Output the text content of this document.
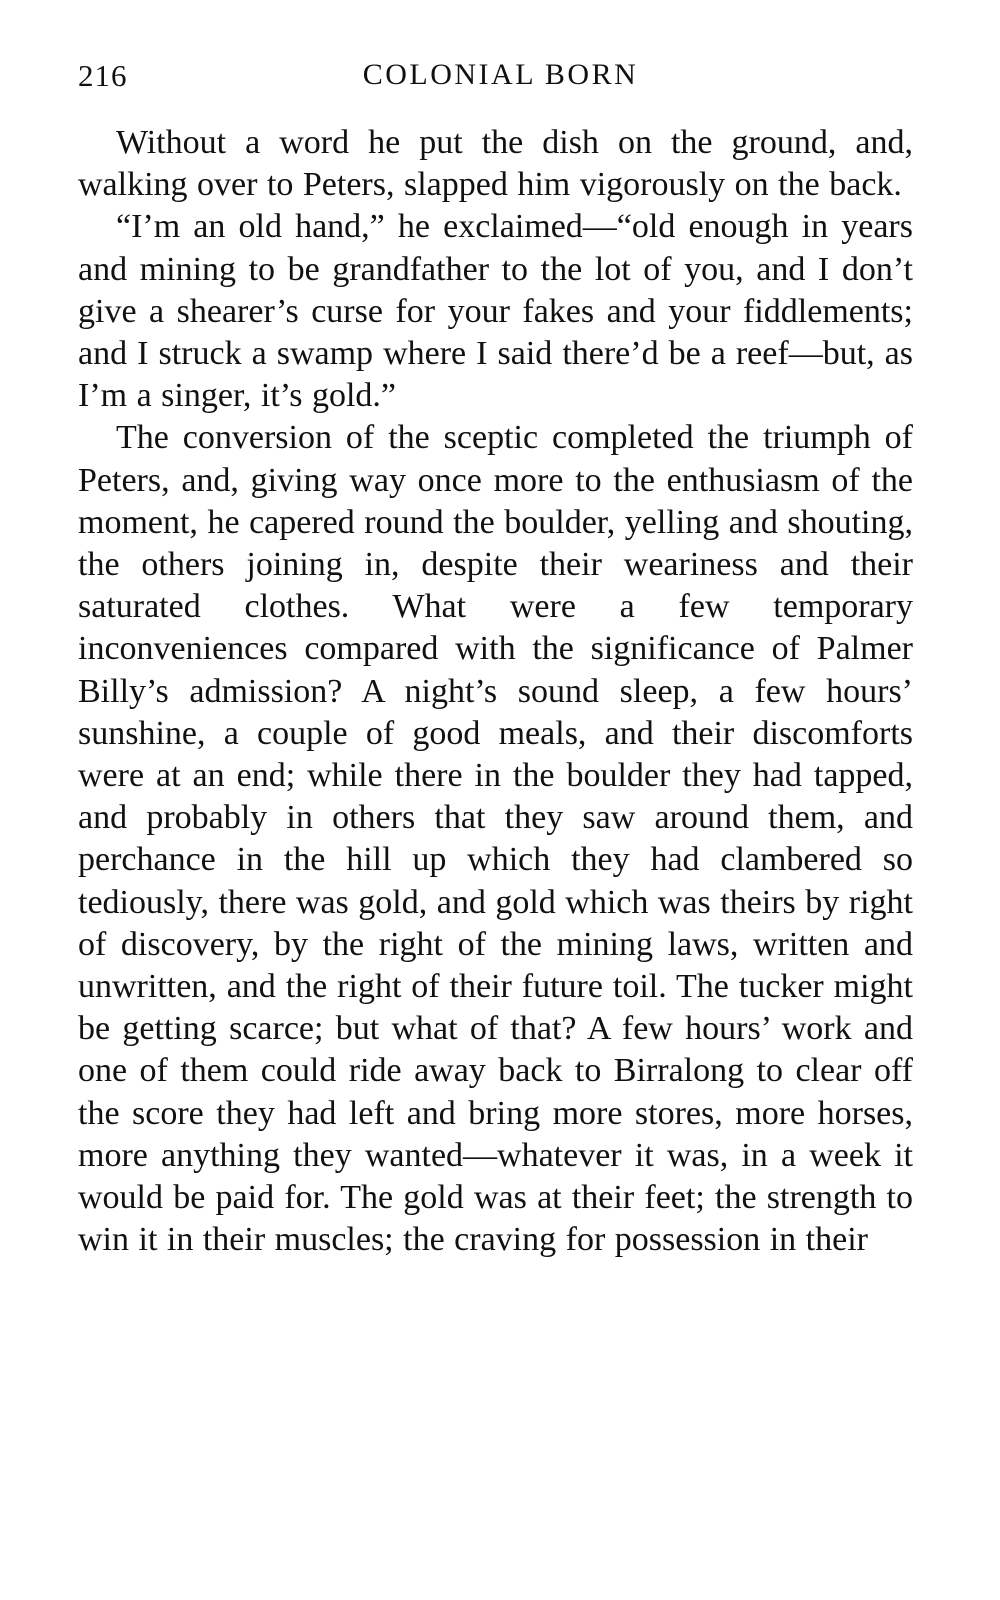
216	COLONIAL BORN

Without a word he put the dish on the ground, and, walking over to Peters, slapped him vigorously on the back.

“I’m an old hand,” he exclaimed—“old enough in years and mining to be grandfather to the lot of you, and I don’t give a shearer’s curse for your fakes and your fiddlements; and I struck a swamp where I said there’d be a reef—but, as I’m a singer, it’s gold.”

The conversion of the sceptic completed the triumph of Peters, and, giving way once more to the enthusiasm of the moment, he capered round the boulder, yelling and shouting, the others joining in, despite their weariness and their saturated clothes. What were a few temporary inconveniences compared with the significance of Palmer Billy’s admission? A night’s sound sleep, a few hours’ sunshine, a couple of good meals, and their discomforts were at an end; while there in the boulder they had tapped, and probably in others that they saw around them, and perchance in the hill up which they had clambered so tediously, there was gold, and gold which was theirs by right of discovery, by the right of the mining laws, written and unwritten, and the right of their future toil. The tucker might be getting scarce; but what of that? A few hours’ work and one of them could ride away back to Birralong to clear off the score they had left and bring more stores, more horses, more anything they wanted—whatever it was, in a week it would be paid for. The gold was at their feet; the strength to win it in their muscles; the craving for possession in their
